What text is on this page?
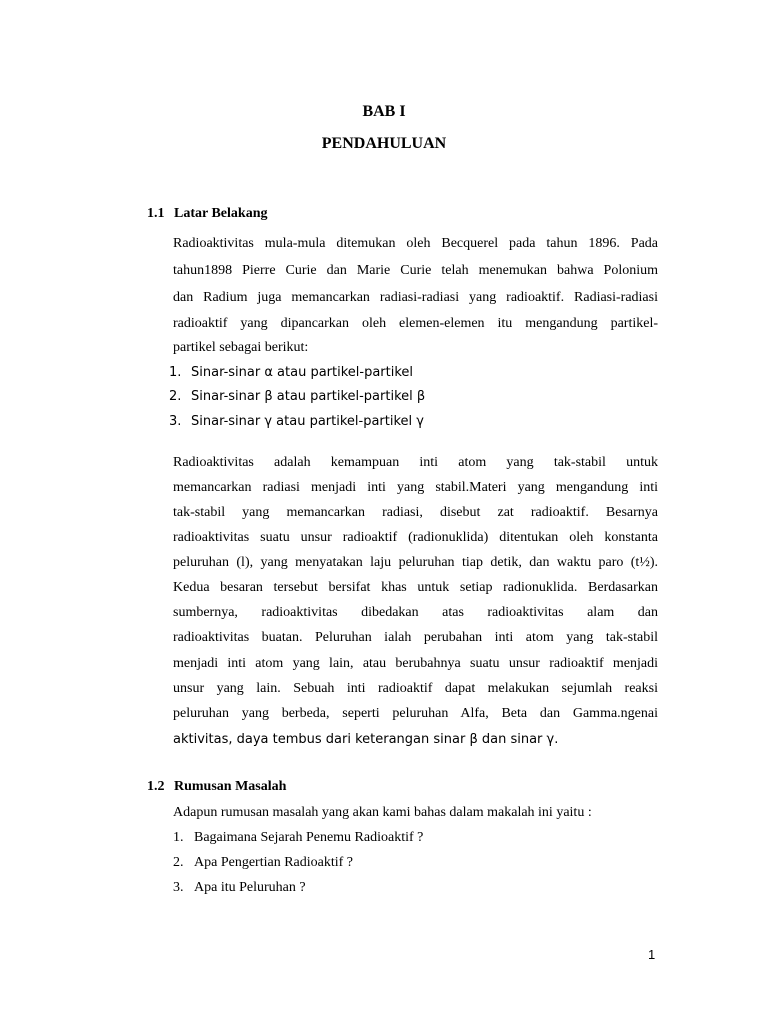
BAB I
PENDAHULUAN
1.1 Latar Belakang
Radioaktivitas mula-mula ditemukan oleh Becquerel pada tahun 1896. Pada
tahun1898 Pierre Curie dan Marie Curie telah menemukan bahwa Polonium
dan Radium juga memancarkan radiasi-radiasi yang radioaktif. Radiasi-radiasi
radioaktif yang dipancarkan oleh elemen-elemen itu mengandung partikel-
partikel sebagai berikut:
1. Sinar-sinar α atau partikel-partikel
2. Sinar-sinar β atau partikel-partikel β
3. Sinar-sinar γ atau partikel-partikel γ
Radioaktivitas adalah kemampuan inti atom yang tak-stabil untuk
memancarkan radiasi menjadi inti yang stabil.Materi yang mengandung inti
tak-stabil yang memancarkan radiasi, disebut zat radioaktif. Besarnya
radioaktivitas suatu unsur radioaktif (radionuklida) ditentukan oleh konstanta
peluruhan (l), yang menyatakan laju peluruhan tiap detik, dan waktu paro (t½).
Kedua besaran tersebut bersifat khas untuk setiap radionuklida. Berdasarkan
sumbernya, radioaktivitas dibedakan atas radioaktivitas alam dan
radioaktivitas buatan. Peluruhan ialah perubahan inti atom yang tak-stabil
menjadi inti atom yang lain, atau berubahnya suatu unsur radioaktif menjadi
unsur yang lain. Sebuah inti radioaktif dapat melakukan sejumlah reaksi
peluruhan yang berbeda, seperti peluruhan Alfa, Beta dan Gamma.ngenai
aktivitas, daya tembus dari keterangan sinar β dan sinar γ.
1.2 Rumusan Masalah
Adapun rumusan masalah yang akan kami bahas dalam makalah ini yaitu :
1. Bagaimana Sejarah Penemu Radioaktif ?
2. Apa Pengertian Radioaktif ?
3. Apa itu Peluruhan ?
1
